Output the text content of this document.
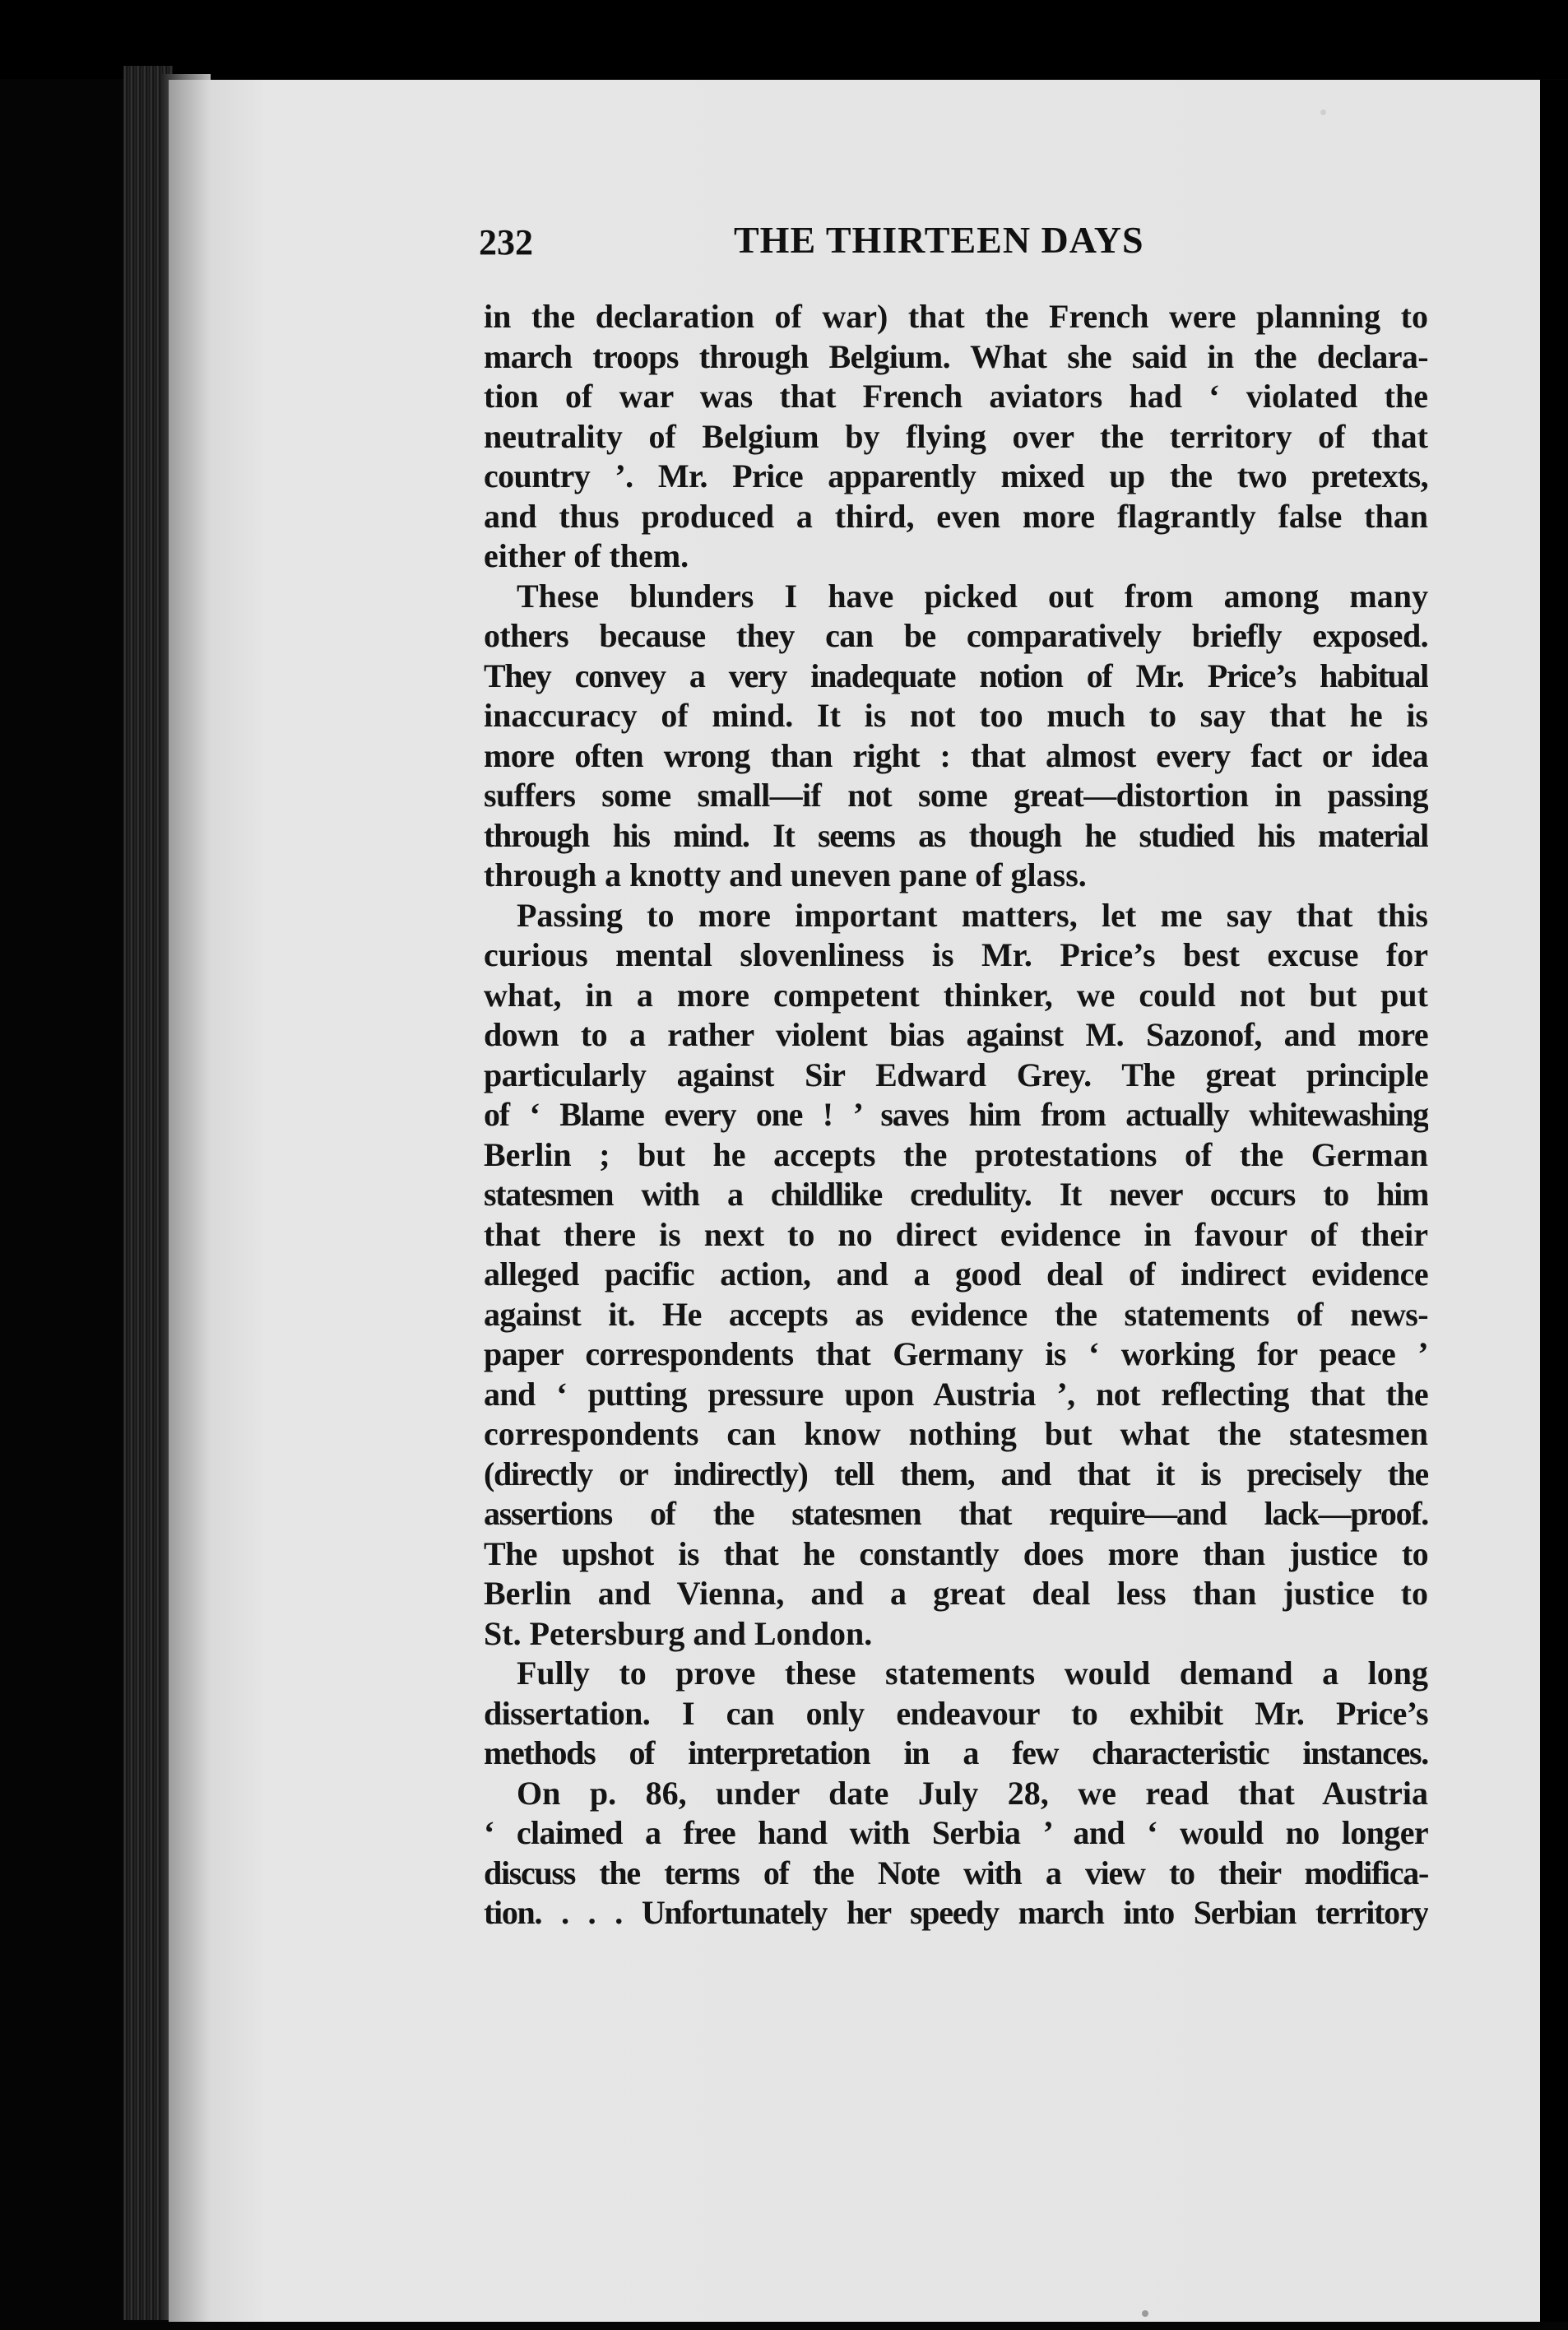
232	THE THIRTEEN DAYS
in the declaration of war) that the French were planning to
march troops through Belgium. What she said in the declara-
tion of war was that French aviators had ‘ violated the
neutrality of Belgium by flying over the territory of that
country ’. Mr. Price apparently mixed up the two pretexts,
and thus produced a third, even more flagrantly false than
either of them.
These blunders I have picked out from among many
others because they can be comparatively briefly exposed.
They convey a very inadequate notion of Mr. Price’s habitual
inaccuracy of mind. It is not too much to say that he is
more often wrong than right : that almost every fact or idea
suffers some small—if not some great—distortion in passing
through his mind. It seems as though he studied his material
through a knotty and uneven pane of glass.
Passing to more important matters, let me say that this
curious mental slovenliness is Mr. Price’s best excuse for
what, in a more competent thinker, we could not but put
down to a rather violent bias against M. Sazonof, and more
particularly against Sir Edward Grey. The great principle
of ‘ Blame every one ! ’ saves him from actually whitewashing
Berlin ; but he accepts the protestations of the German
statesmen with a childlike credulity. It never occurs to him
that there is next to no direct evidence in favour of their
alleged pacific action, and a good deal of indirect evidence
against it. He accepts as evidence the statements of news-
paper correspondents that Germany is ‘ working for peace ’
and ‘ putting pressure upon Austria ’, not reflecting that the
correspondents can know nothing but what the statesmen
(directly or indirectly) tell them, and that it is precisely the
assertions of the statesmen that require—and lack—proof.
The upshot is that he constantly does more than justice to
Berlin and Vienna, and a great deal less than justice to
St. Petersburg and London.
Fully to prove these statements would demand a long
dissertation. I can only endeavour to exhibit Mr. Price’s
methods of interpretation in a few characteristic instances.
On p. 86, under date July 28, we read that Austria
‘ claimed a free hand with Serbia ’ and ‘ would no longer
discuss the terms of the Note with a view to their modifica-
tion. . . . Unfortunately her speedy march into Serbian territory
